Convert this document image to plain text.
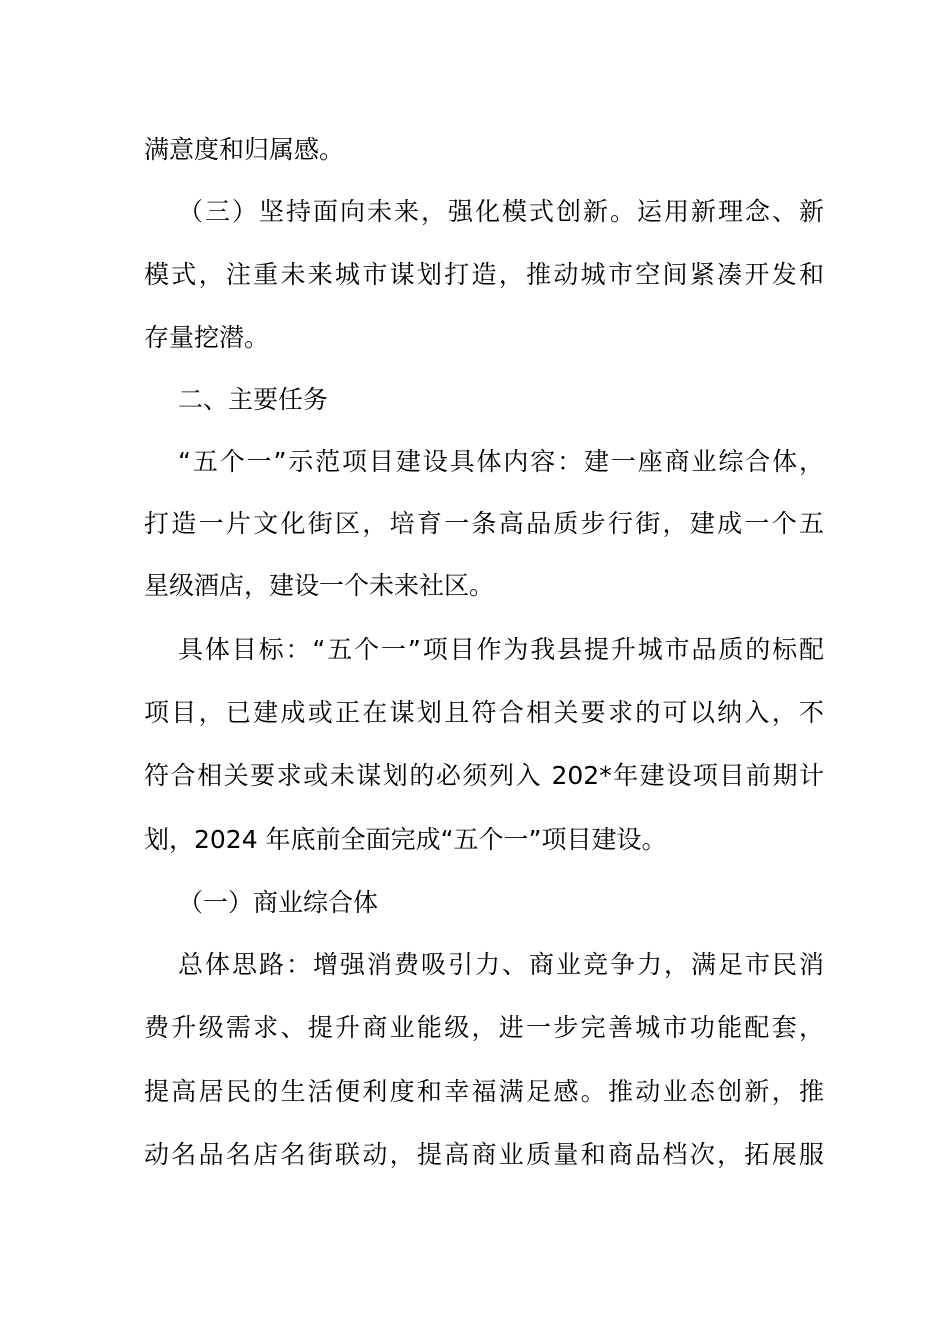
满意度和归属感。
（三）坚持面向未来，强化模式创新。运用新理念、新
模式，注重未来城市谋划打造，推动城市空间紧凑开发和
存量挖潜。
二、主要任务
“五个一”示范项目建设具体内容：建一座商业综合体，
打造一片文化街区，培育一条高品质步行街，建成一个五
星级酒店，建设一个未来社区。
具体目标：“五个一”项目作为我县提升城市品质的标配
项目，已建成或正在谋划且符合相关要求的可以纳入，不
符合相关要求或未谋划的必须列入 202*年建设项目前期计
划，2024 年底前全面完成“五个一”项目建设。
（一）商业综合体
总体思路：增强消费吸引力、商业竞争力，满足市民消
费升级需求、提升商业能级，进一步完善城市功能配套，
提高居民的生活便利度和幸福满足感。推动业态创新，推
动名品名店名街联动，提高商业质量和商品档次，拓展服
